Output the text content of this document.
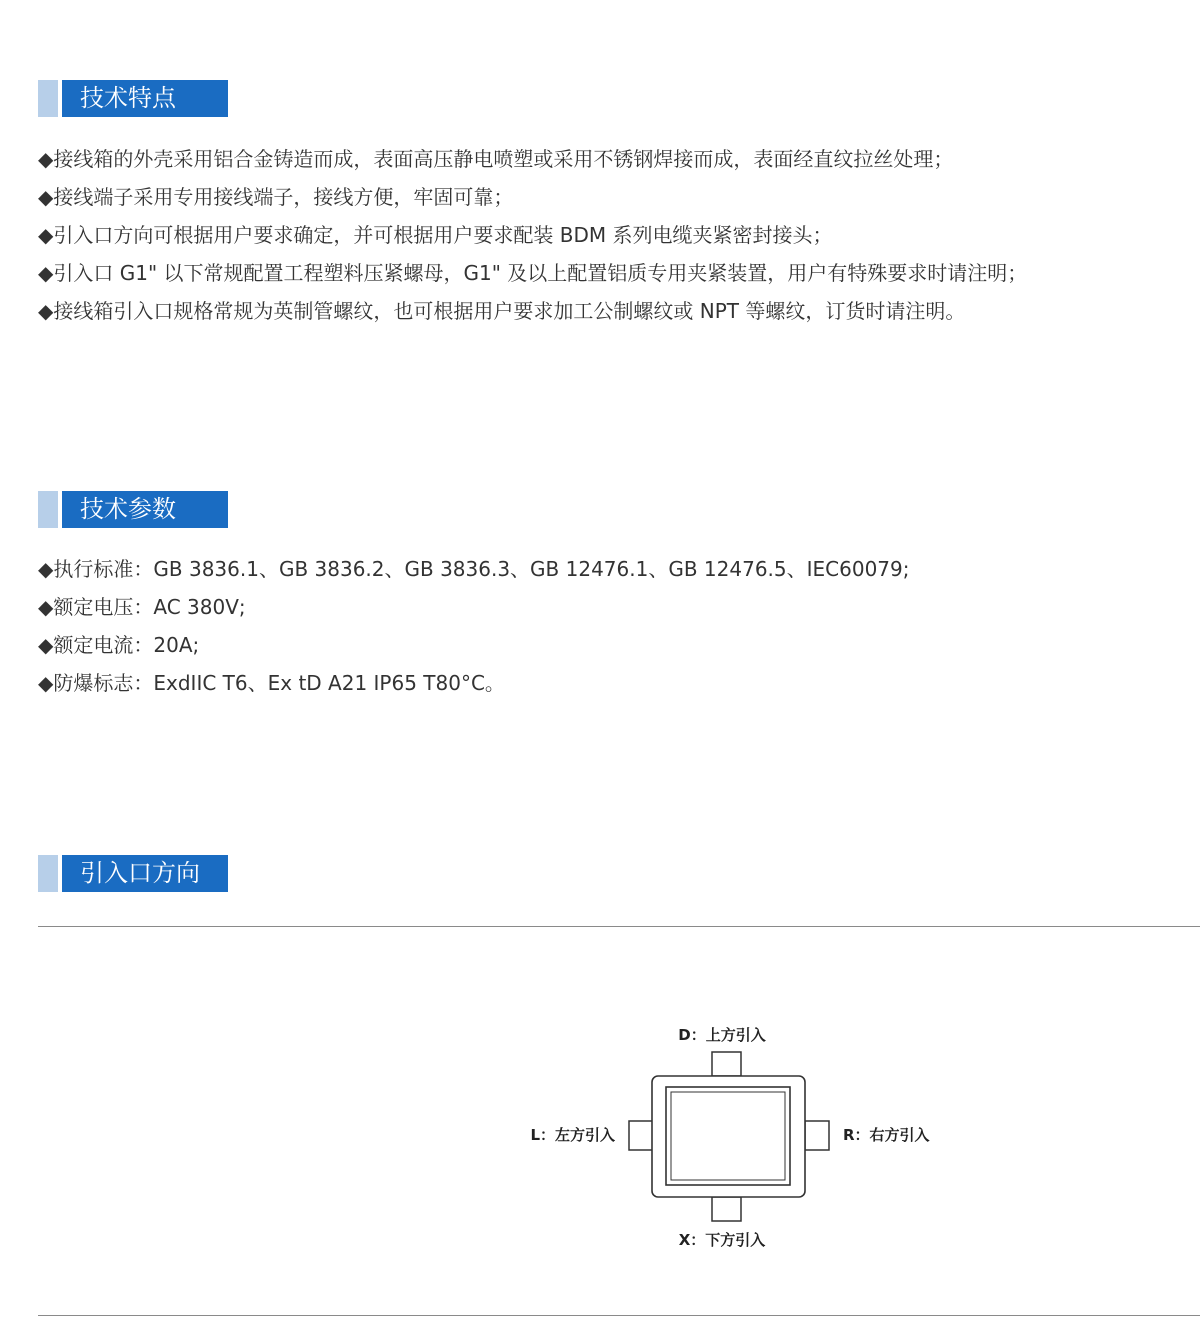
技术特点
◆接线箱的外壳采用铝合金铸造而成，表面高压静电喷塑或采用不锈钢焊接而成，表面经直纹拉丝处理；
◆接线端子采用专用接线端子，接线方便，牢固可靠；
◆引入口方向可根据用户要求确定，并可根据用户要求配装 BDM 系列电缆夹紧密封接头；
◆引入口 G1" 以下常规配置工程塑料压紧螺母，G1" 及以上配置铝质专用夹紧装置，用户有特殊要求时请注明；
◆接线箱引入口规格常规为英制管螺纹，也可根据用户要求加工公制螺纹或 NPT 等螺纹，订货时请注明。
技术参数
◆执行标准：GB 3836.1、GB 3836.2、GB 3836.3、GB 12476.1、GB 12476.5、IEC60079;
◆额定电压：AC 380V;
◆额定电流：20A;
◆防爆标志：ExdIIC T6、Ex tD A21 IP65 T80°C。
引入口方向
D：上方引入
X：下方引入
L：左方引入	R：右方引入
